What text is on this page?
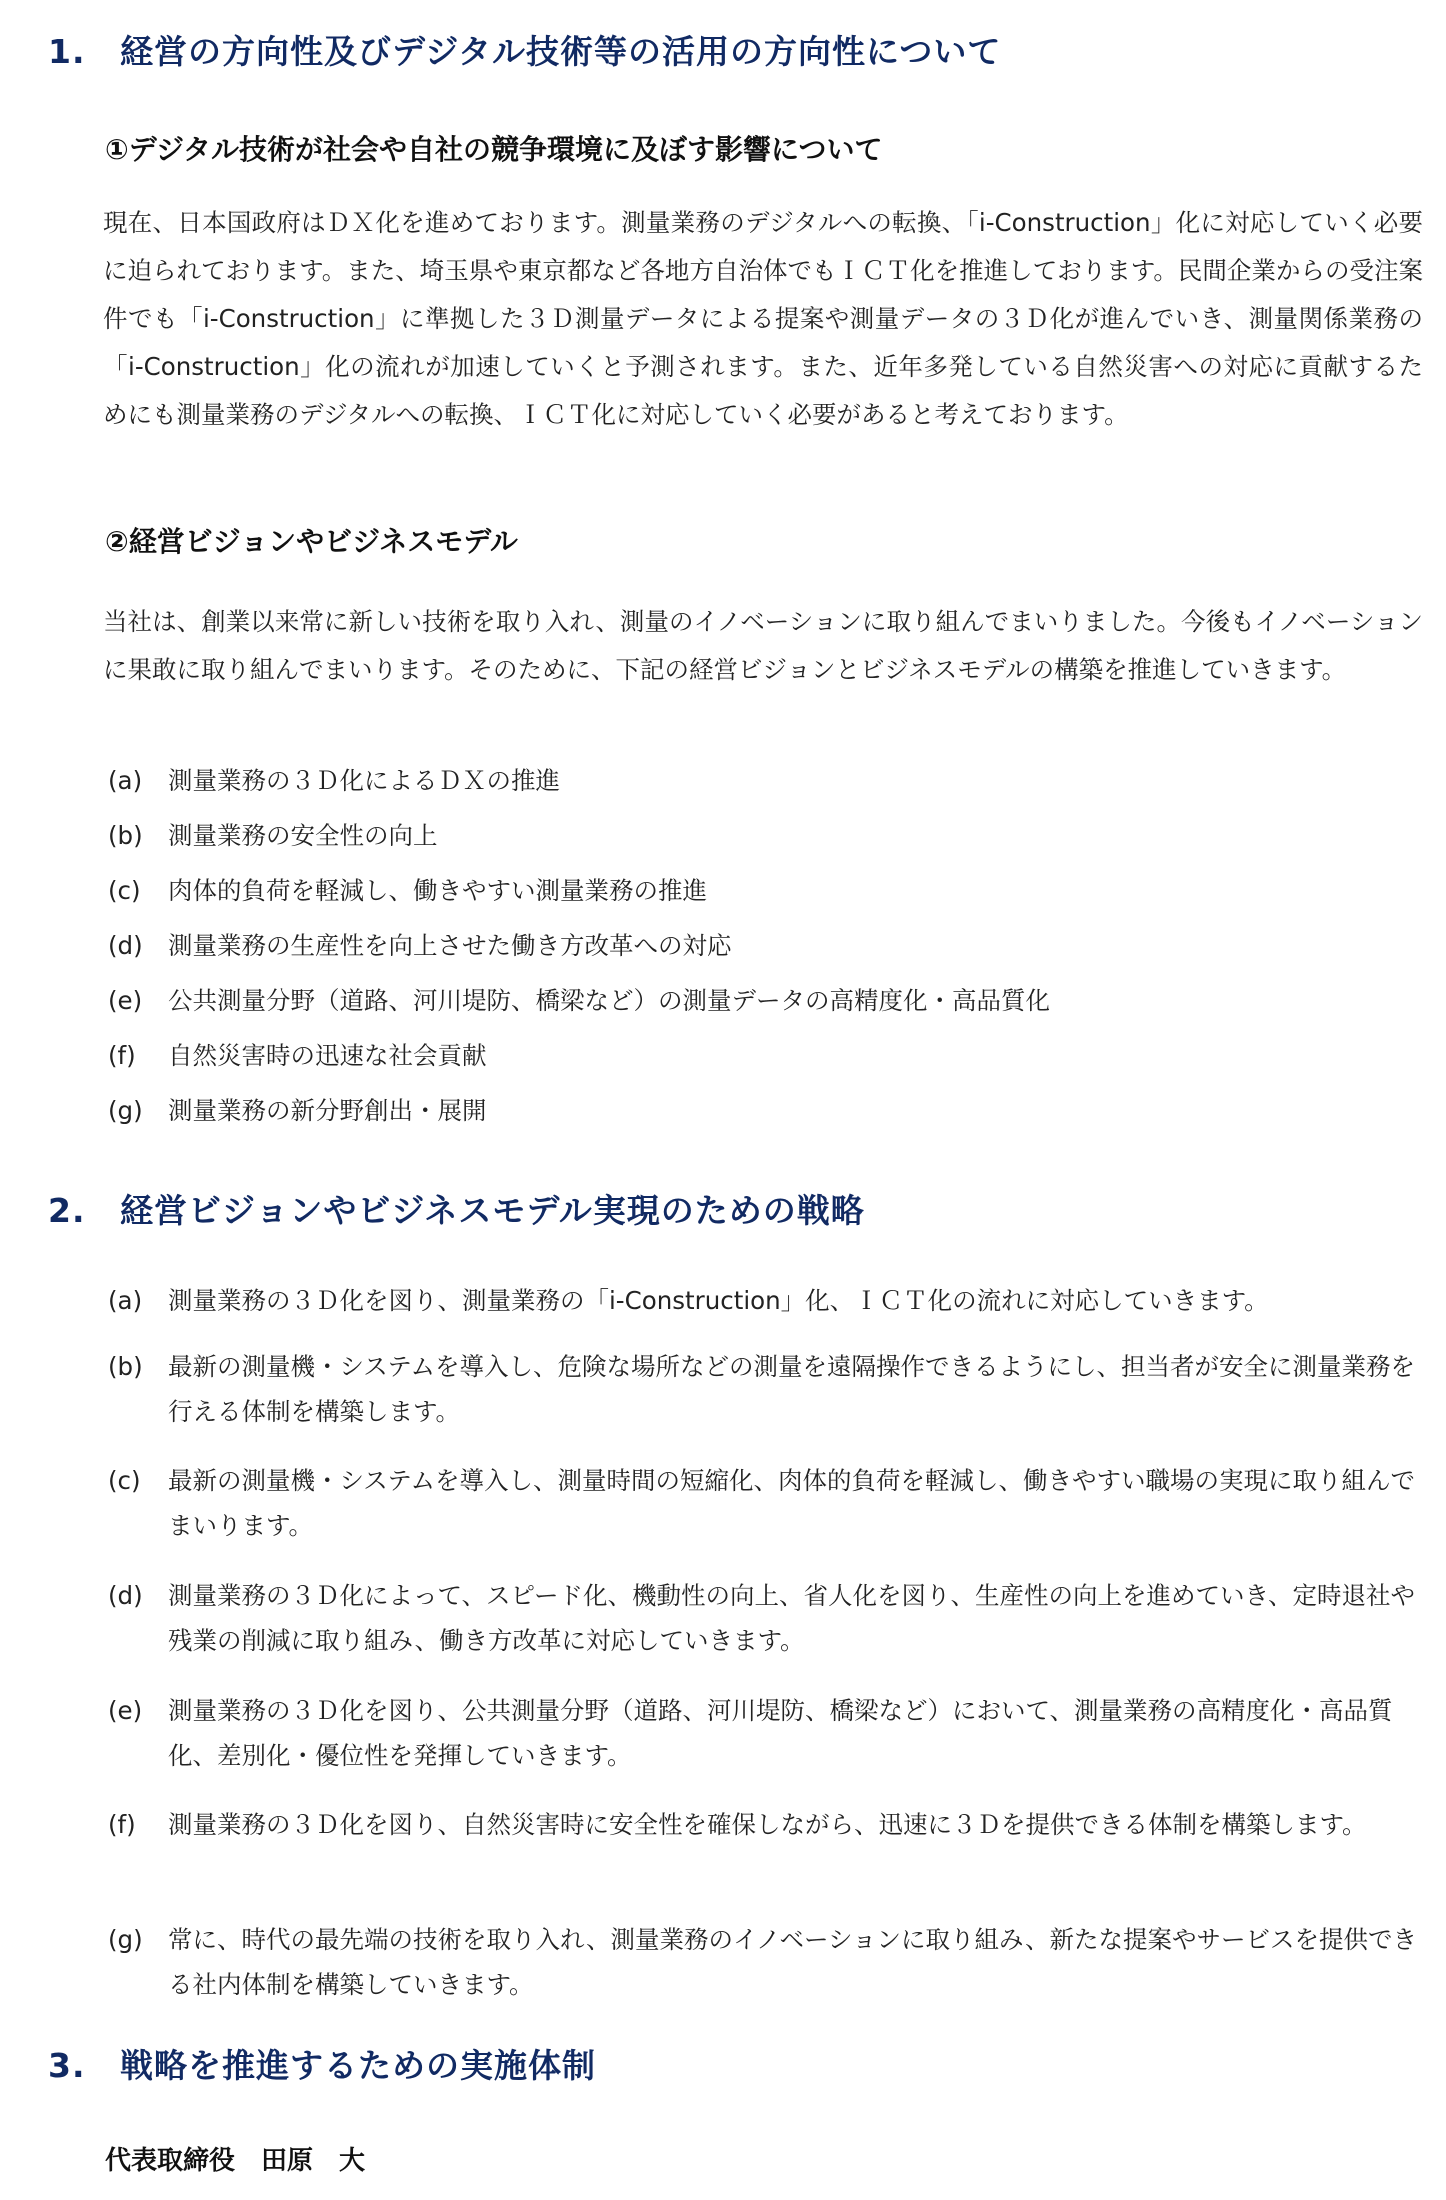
1. 経営の方向性及びデジタル技術等の活用の方向性について
①デジタル技術が社会や自社の競争環境に及ぼす影響について
現在、日本国政府はＤＸ化を進めております。測量業務のデジタルへの転換、「i-Construction」化に対応していく必要に迫られております。また、埼玉県や東京都など各地方自治体でもＩＣＴ化を推進しております。民間企業からの受注案件でも「i-Construction」に準拠した３Ｄ測量データによる提案や測量データの３Ｄ化が進んでいき、測量関係業務の「i-Construction」化の流れが加速していくと予測されます。また、近年多発している自然災害への対応に貢献するためにも測量業務のデジタルへの転換、ＩＣＴ化に対応していく必要があると考えております。
②経営ビジョンやビジネスモデル
当社は、創業以来常に新しい技術を取り入れ、測量のイノベーションに取り組んでまいりました。今後もイノベーションに果敢に取り組んでまいります。そのために、下記の経営ビジョンとビジネスモデルの構築を推進していきます。
(a)	測量業務の３Ｄ化によるＤＸの推進
(b)	測量業務の安全性の向上
(c)	肉体的負荷を軽減し、働きやすい測量業務の推進
(d)	測量業務の生産性を向上させた働き方改革への対応
(e)	公共測量分野（道路、河川堤防、橋梁など）の測量データの高精度化・高品質化
(f)	自然災害時の迅速な社会貢献
(g)	測量業務の新分野創出・展開
2. 経営ビジョンやビジネスモデル実現のための戦略
(a)	測量業務の３Ｄ化を図り、測量業務の「i-Construction」化、ＩＣＴ化の流れに対応していきます。
(b)	最新の測量機・システムを導入し、危険な場所などの測量を遠隔操作できるようにし、担当者が安全に測量業務を行える体制を構築します。
(c)	最新の測量機・システムを導入し、測量時間の短縮化、肉体的負荷を軽減し、働きやすい職場の実現に取り組んでまいります。
(d)	測量業務の３Ｄ化によって、スピード化、機動性の向上、省人化を図り、生産性の向上を進めていき、定時退社や残業の削減に取り組み、働き方改革に対応していきます。
(e)	測量業務の３Ｄ化を図り、公共測量分野（道路、河川堤防、橋梁など）において、測量業務の高精度化・高品質化、差別化・優位性を発揮していきます。
(f)	測量業務の３Ｄ化を図り、自然災害時に安全性を確保しながら、迅速に３Ｄを提供できる体制を構築します。
(g)	常に、時代の最先端の技術を取り入れ、測量業務のイノベーションに取り組み、新たな提案やサービスを提供できる社内体制を構築していきます。
3. 戦略を推進するための実施体制
代表取締役　田原　大
